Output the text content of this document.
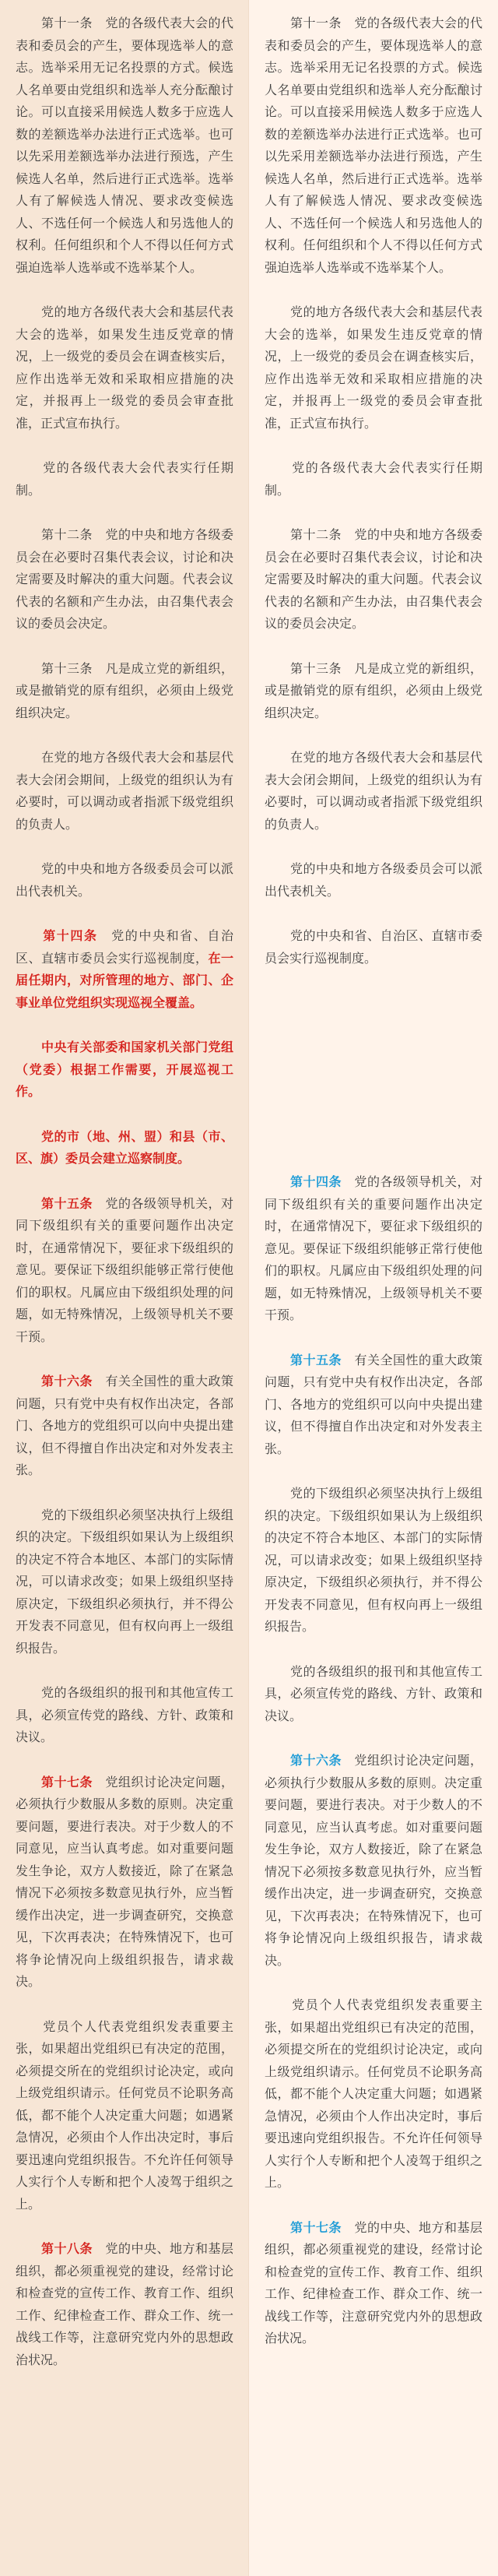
　　第十一条　党的各级代表大会的代表和委员会的产生，要体现选举人的意志。选举采用无记名投票的方式。候选人名单要由党组织和选举人充分酝酿讨论。可以直接采用候选人数多于应选人数的差额选举办法进行正式选举。也可以先采用差额选举办法进行预选，产生候选人名单，然后进行正式选举。选举人有了解候选人情况、要求改变候选人、不选任何一个候选人和另选他人的权利。任何组织和个人不得以任何方式强迫选举人选举或不选举某个人。

　　党的地方各级代表大会和基层代表大会的选举，如果发生违反党章的情况，上一级党的委员会在调查核实后，应作出选举无效和采取相应措施的决定，并报再上一级党的委员会审查批准，正式宣布执行。

　　党的各级代表大会代表实行任期制。

　　第十二条　党的中央和地方各级委员会在必要时召集代表会议，讨论和决定需要及时解决的重大问题。代表会议代表的名额和产生办法，由召集代表会议的委员会决定。

　　第十三条　凡是成立党的新组织，或是撤销党的原有组织，必须由上级党组织决定。

　　在党的地方各级代表大会和基层代表大会闭会期间，上级党的组织认为有必要时，可以调动或者指派下级党组织的负责人。

　　党的中央和地方各级委员会可以派出代表机关。

　　第十四条　党的中央和省、自治区、直辖市委员会实行巡视制度，在一届任期内，对所管理的地方、部门、企事业单位党组织实现巡视全覆盖。

　　中央有关部委和国家机关部门党组（党委）根据工作需要，开展巡视工作。

　　党的市（地、州、盟）和县（市、区、旗）委员会建立巡察制度。

　　第十五条　党的各级领导机关，对同下级组织有关的重要问题作出决定时，在通常情况下，要征求下级组织的意见。要保证下级组织能够正常行使他们的职权。凡属应由下级组织处理的问题，如无特殊情况，上级领导机关不要干预。

　　第十六条　有关全国性的重大政策问题，只有党中央有权作出决定，各部门、各地方的党组织可以向中央提出建议，但不得擅自作出决定和对外发表主张。

　　党的下级组织必须坚决执行上级组织的决定。下级组织如果认为上级组织的决定不符合本地区、本部门的实际情况，可以请求改变；如果上级组织坚持原决定，下级组织必须执行，并不得公开发表不同意见，但有权向再上一级组织报告。

　　党的各级组织的报刊和其他宣传工具，必须宣传党的路线、方针、政策和决议。

　　第十七条　党组织讨论决定问题，必须执行少数服从多数的原则。决定重要问题，要进行表决。对于少数人的不同意见，应当认真考虑。如对重要问题发生争论，双方人数接近，除了在紧急情况下必须按多数意见执行外，应当暂缓作出决定，进一步调查研究，交换意见，下次再表决；在特殊情况下，也可将争论情况向上级组织报告，请求裁决。

　　党员个人代表党组织发表重要主张，如果超出党组织已有决定的范围，必须提交所在的党组织讨论决定，或向上级党组织请示。任何党员不论职务高低，都不能个人决定重大问题；如遇紧急情况，必须由个人作出决定时，事后要迅速向党组织报告。不允许任何领导人实行个人专断和把个人凌驾于组织之上。

　　第十八条　党的中央、地方和基层组织，都必须重视党的建设，经常讨论和检查党的宣传工作、教育工作、组织工作、纪律检查工作、群众工作、统一战线工作等，注意研究党内外的思想政治状况。

　　第十一条　党的各级代表大会的代表和委员会的产生，要体现选举人的意志。选举采用无记名投票的方式。候选人名单要由党组织和选举人充分酝酿讨论。可以直接采用候选人数多于应选人数的差额选举办法进行正式选举。也可以先采用差额选举办法进行预选，产生候选人名单，然后进行正式选举。选举人有了解候选人情况、要求改变候选人、不选任何一个候选人和另选他人的权利。任何组织和个人不得以任何方式强迫选举人选举或不选举某个人。

　　党的地方各级代表大会和基层代表大会的选举，如果发生违反党章的情况，上一级党的委员会在调查核实后，应作出选举无效和采取相应措施的决定，并报再上一级党的委员会审查批准，正式宣布执行。

　　党的各级代表大会代表实行任期制。

　　第十二条　党的中央和地方各级委员会在必要时召集代表会议，讨论和决定需要及时解决的重大问题。代表会议代表的名额和产生办法，由召集代表会议的委员会决定。

　　第十三条　凡是成立党的新组织，或是撤销党的原有组织，必须由上级党组织决定。

　　在党的地方各级代表大会和基层代表大会闭会期间，上级党的组织认为有必要时，可以调动或者指派下级党组织的负责人。

　　党的中央和地方各级委员会可以派出代表机关。

　　党的中央和省、自治区、直辖市委员会实行巡视制度。

　　第十四条　党的各级领导机关，对同下级组织有关的重要问题作出决定时，在通常情况下，要征求下级组织的意见。要保证下级组织能够正常行使他们的职权。凡属应由下级组织处理的问题，如无特殊情况，上级领导机关不要干预。

　　第十五条　有关全国性的重大政策问题，只有党中央有权作出决定，各部门、各地方的党组织可以向中央提出建议，但不得擅自作出决定和对外发表主张。

　　党的下级组织必须坚决执行上级组织的决定。下级组织如果认为上级组织的决定不符合本地区、本部门的实际情况，可以请求改变；如果上级组织坚持原决定，下级组织必须执行，并不得公开发表不同意见，但有权向再上一级组织报告。

　　党的各级组织的报刊和其他宣传工具，必须宣传党的路线、方针、政策和决议。

　　第十六条　党组织讨论决定问题，必须执行少数服从多数的原则。决定重要问题，要进行表决。对于少数人的不同意见，应当认真考虑。如对重要问题发生争论，双方人数接近，除了在紧急情况下必须按多数意见执行外，应当暂缓作出决定，进一步调查研究，交换意见，下次再表决；在特殊情况下，也可将争论情况向上级组织报告，请求裁决。

　　党员个人代表党组织发表重要主张，如果超出党组织已有决定的范围，必须提交所在的党组织讨论决定，或向上级党组织请示。任何党员不论职务高低，都不能个人决定重大问题；如遇紧急情况，必须由个人作出决定时，事后要迅速向党组织报告。不允许任何领导人实行个人专断和把个人凌驾于组织之上。

　　第十七条　党的中央、地方和基层组织，都必须重视党的建设，经常讨论和检查党的宣传工作、教育工作、组织工作、纪律检查工作、群众工作、统一战线工作等，注意研究党内外的思想政治状况。
